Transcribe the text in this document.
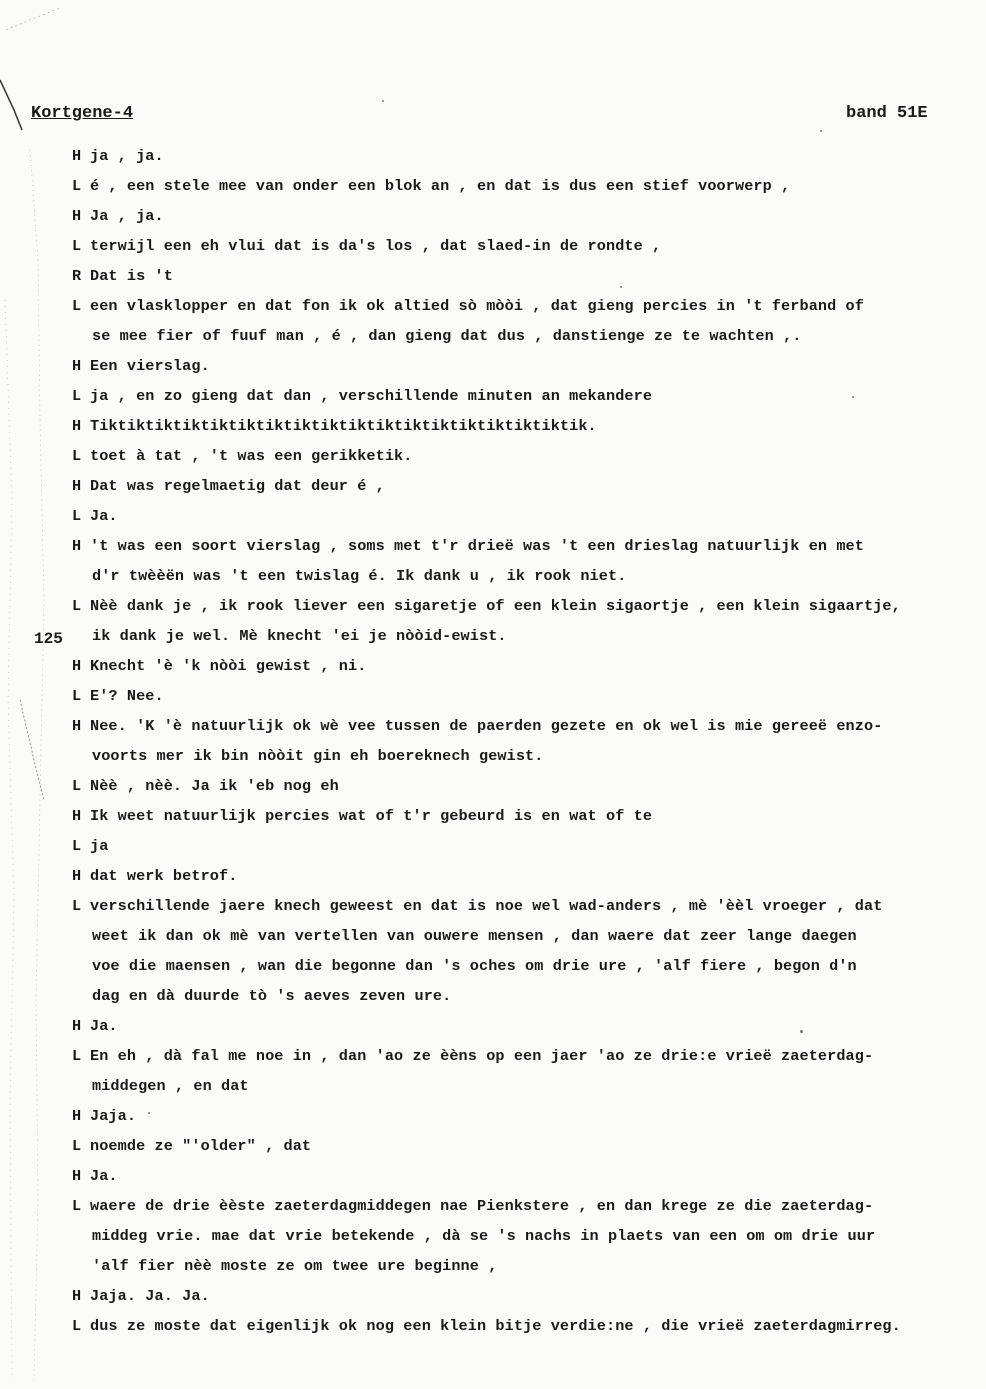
Kortgene-4	band 51E
125
H ja , ja.
L é , een stele mee van onder een blok an , en dat is dus een stief voorwerp ,
H Ja , ja.
L terwijl een eh vlui dat is da's los , dat slaed-in de rondte ,
R Dat is 't
L een vlasklopper en dat fon ik ok altied sò mòòi , dat gieng percies in 't ferband of
se mee fier of fuuf man , é , dan gieng dat dus , danstienge ze te wachten ,.
H Een vierslag.
L ja , en zo gieng dat dan , verschillende minuten an mekandere
H Tiktiktiktiktiktiktiktiktiktiktiktiktiktiktiktiktiktik.
L toet à tat , 't was een gerikketik.
H Dat was regelmaetig dat deur é ,
L Ja.
H 't was een soort vierslag , soms met t'r drieë was 't een drieslag natuurlijk en met
d'r twèèën was 't een twislag é. Ik dank u , ik rook niet.
L Nèè dank je , ik rook liever een sigaretje of een klein sigaortje , een klein sigaartje,
ik dank je wel. Mè knecht 'ei je nòòid-ewist.
H Knecht 'è 'k nòòi gewist , ni.
L E'? Nee.
H Nee. 'K 'è natuurlijk ok wè vee tussen de paerden gezete en ok wel is mie gereeë enzo-
voorts mer ik bin nòòit gin eh boereknech gewist.
L Nèè , nèè. Ja ik 'eb nog eh
H Ik weet natuurlijk percies wat of t'r gebeurd is en wat of te
L ja
H dat werk betrof.
L verschillende jaere knech geweest en dat is noe wel wad-anders , mè 'èèl vroeger , dat
weet ik dan ok mè van vertellen van ouwere mensen , dan waere dat zeer lange daegen
voe die maensen , wan die begonne dan 's oches om drie ure , 'alf fiere , begon d'n
dag en dà duurde tò 's aeves zeven ure.
H Ja.
L En eh , dà fal me noe in , dan 'ao ze èèns op een jaer 'ao ze drie:e vrieë zaeterdag-
middegen , en dat
H Jaja.
L noemde ze "'older" , dat
H Ja.
L waere de drie èèste zaeterdagmiddegen nae Pienkstere , en dan krege ze die zaeterdag-
middeg vrie. mae dat vrie betekende , dà se 's nachs in plaets van een om om drie uur
'alf fier nèè moste ze om twee ure beginne ,
H Jaja. Ja. Ja.
L dus ze moste dat eigenlijk ok nog een klein bitje verdie:ne , die vrieë zaeterdagmirreg.
